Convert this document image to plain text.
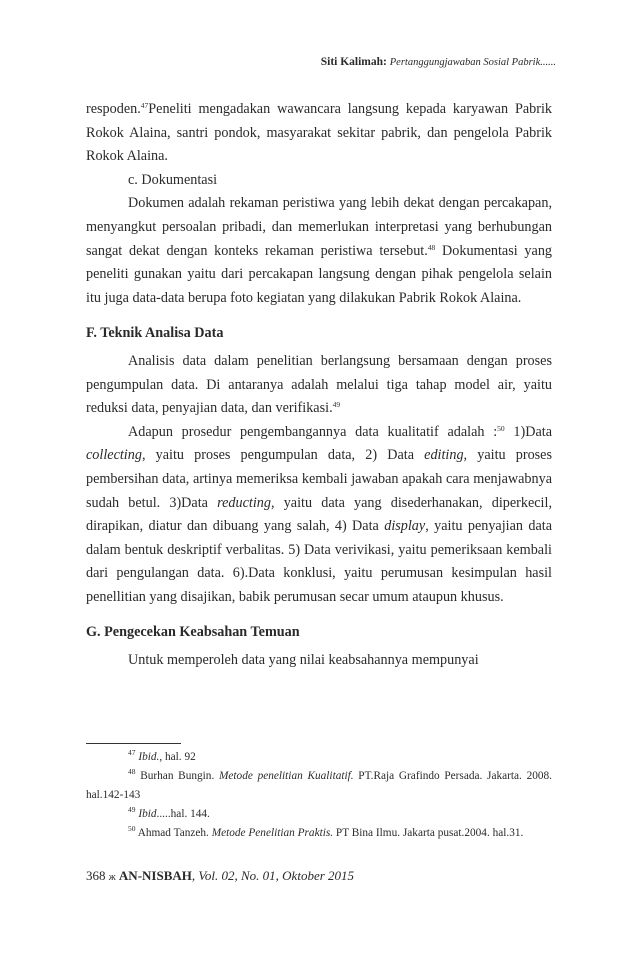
Siti Kalimah: Pertanggungjawaban Sosial Pabrik......

respoden.$^{47}$Peneliti mengadakan wawancara langsung kepada karyawan Pabrik Rokok Alaina, santri pondok, masyarakat sekitar pabrik, dan pengelola Pabrik Rokok Alaina.

c. Dokumentasi

Dokumen adalah rekaman peristiwa yang lebih dekat dengan percakapan, menyangkut persoalan pribadi, dan memerlukan interpretasi yang berhubungan sangat dekat dengan konteks rekaman peristiwa tersebut.$^{48}$ Dokumentasi yang peneliti gunakan yaitu dari percakapan langsung dengan pihak pengelola selain itu juga data-data berupa foto kegiatan yang dilakukan Pabrik Rokok Alaina.

F. Teknik Analisa Data

Analisis data dalam penelitian berlangsung bersamaan dengan proses pengumpulan data. Di antaranya adalah melalui tiga tahap model air, yaitu reduksi data, penyajian data, dan verifikasi.$^{49}$

Adapun prosedur pengembangannya data kualitatif adalah :$^{50}$ 1)Data collecting, yaitu proses pengumpulan data, 2) Data editing, yaitu proses pembersihan data, artinya memeriksa kembali jawaban apakah cara menjawabnya sudah betul. 3)Data reducting, yaitu data yang disederhanakan, diperkecil, dirapikan, diatur dan dibuang yang salah, 4) Data display, yaitu penyajian data dalam bentuk deskriptif verbalitas. 5) Data verivikasi, yaitu pemeriksaan kembali dari pengulangan data. 6).Data konklusi, yaitu perumusan kesimpulan hasil penellitian yang disajikan, babik perumusan secar umum ataupun khusus.

G. Pengecekan Keabsahan Temuan

Untuk memperoleh data yang nilai keabsahannya mempunyai

$^{47}$ Ibid., hal. 92

$^{48}$ Burhan Bungin. Metode penelitian Kualitatif. PT.Raja Grafindo Persada. Jakarta. 2008. hal.142-143

$^{49}$ Ibid.....hal. 144.

$^{50}$ Ahmad Tanzeh. Metode Penelitian Praktis. PT Bina Ilmu. Jakarta pusat.2004. hal.31.

368 ж AN-NISBAH, Vol. 02, No. 01, Oktober 2015
